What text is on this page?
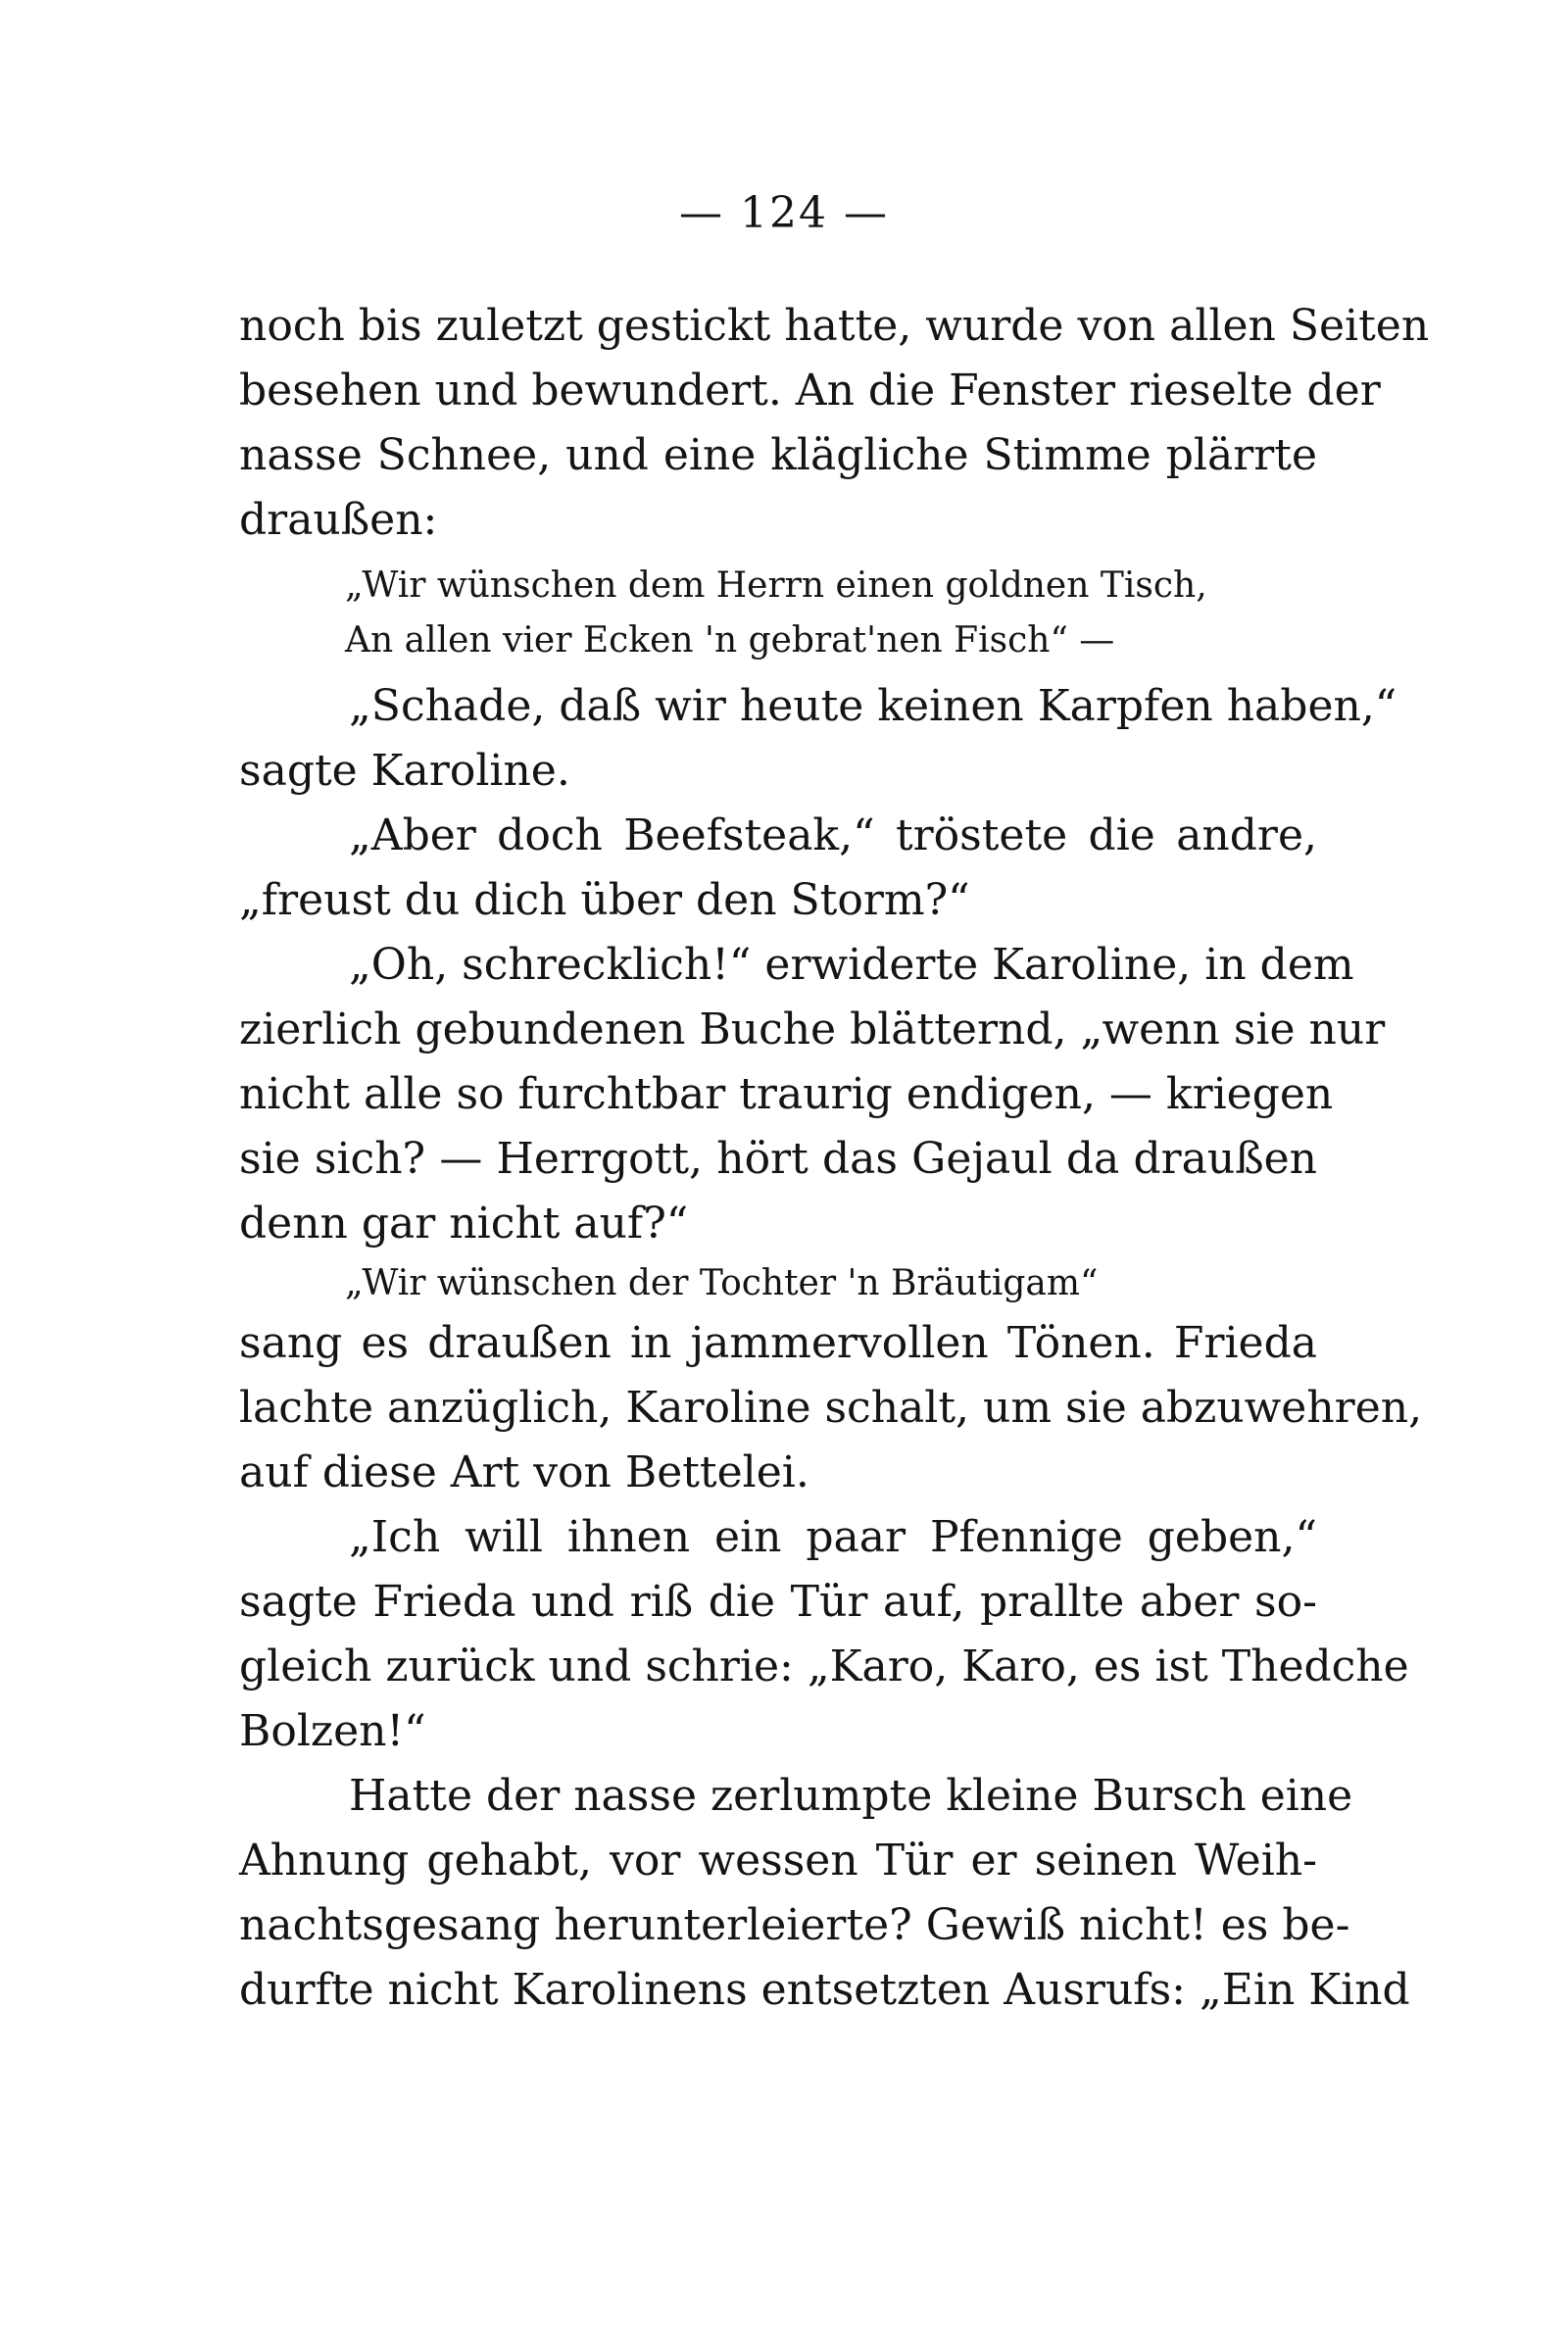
— 124 —
noch bis zuletzt gestickt hatte, wurde von allen Seiten
besehen und bewundert. An die Fenster rieselte der
nasse Schnee, und eine klägliche Stimme plärrte
draußen:
„Wir wünschen dem Herrn einen goldnen Tisch,
An allen vier Ecken 'n gebrat'nen Fisch“ —
„Schade, daß wir heute keinen Karpfen haben,“
sagte Karoline.
„Aber doch Beefsteak,“ tröstete die andre,
„freust du dich über den Storm?“
„Oh, schrecklich!“ erwiderte Karoline, in dem
zierlich gebundenen Buche blätternd, „wenn sie nur
nicht alle so furchtbar traurig endigen, — kriegen
sie sich? — Herrgott, hört das Gejaul da draußen
denn gar nicht auf?“
„Wir wünschen der Tochter 'n Bräutigam“
sang es draußen in jammervollen Tönen. Frieda
lachte anzüglich, Karoline schalt, um sie abzuwehren,
auf diese Art von Bettelei.
„Ich will ihnen ein paar Pfennige geben,“
sagte Frieda und riß die Tür auf, prallte aber so-
gleich zurück und schrie: „Karo, Karo, es ist Thedche
Bolzen!“
Hatte der nasse zerlumpte kleine Bursch eine
Ahnung gehabt, vor wessen Tür er seinen Weih-
nachtsgesang herunterleierte? Gewiß nicht! es be-
durfte nicht Karolinens entsetzten Ausrufs: „Ein Kind
